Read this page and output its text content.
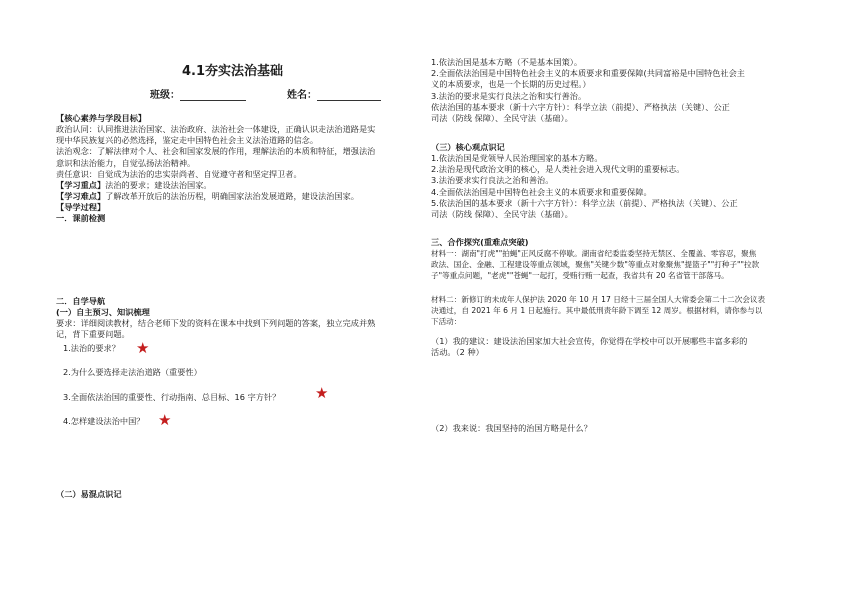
4.1夯实法治基础
班级：	姓名：
【核心素养与学段目标】
政治认同：认同推进法治国家、法治政府、法治社会一体建设，正确认识走法治道路是实
现中华民族复兴的必然选择，鉴定走中国特色社会主义法治道路的信念。
法治观念：了解法律对个人、社会和国家发展的作用，理解法治的本质和特征，增强法治
意识和法治能力，自觉弘扬法治精神。
责任意识：自觉成为法治的忠实崇尚者、自觉遵守者和坚定捍卫者。
【学习重点】法治的要求；建设法治国家。
【学习难点】了解改革开放后的法治历程，明确国家法治发展道路，建设法治国家。
【导学过程】
一．课前检测
二．自学导航
(一）自主预习、知识梳理
要求：详细阅读教材，结合老师下发的资料在课本中找到下列问题的答案，独立完成并熟
记，背下重要问题。
1.法治的要求？ ★
2.为什么要选择走法治道路（重要性）
3.全面依法治国的重要性、行动指南、总目标、16 字方针？ ★
4.怎样建设法治中国？ ★
（二）易混点识记
1.依法治国是基本方略（不是基本国策）。
2.全面依法治国是中国特色社会主义的本质要求和重要保障(共同富裕是中国特色社会主
义的本质要求，也是一个长期的历史过程。）
3.法治的要求是实行良法之治和实行善治。
依法治国的基本要求（新十六字方针）：科学立法（前提）、严格执法（关键）、公正
司法（防线 保障）、全民守法（基础）。
（三）核心观点识记
1.依法治国是党领导人民治理国家的基本方略。
2.法治是现代政治文明的核心，是人类社会进入现代文明的重要标志。
3.法治要求实行良法之治和善治。
4.全面依法治国是中国特色社会主义的本质要求和重要保障。
5.依法治国的基本要求（新十六字方针）：科学立法（前提）、严格执法（关键）、公正
司法（防线 保障）、全民守法（基础）。
三、合作探究(重难点突破)
材料一：湖南"打虎""拍蝇"正风反腐不停歇。湖南省纪委监委坚持无禁区、全覆盖、零容忍，聚焦
政法、国企、金融、工程建设等重点领域，聚焦"关键少数"等重点对象聚焦"提篮子""打种子""拉款
子"等重点问题，"老虎""苍蝇"一起打，受贿行贿一起查，我省共有 20 名省管干部落马。
材料二：新修订的未成年人保护法 2020 年 10 月 17 日经十三届全国人大常委会第二十二次会议表
决通过，自 2021 年 6 月 1 日起施行。其中最低刑责年龄下调至 12 周岁。根据材料，请你参与以
下活动：
（1）我的建议：建设法治国家加大社会宣传，你觉得在学校中可以开展哪些丰富多彩的
活动。（2 种）
（2）我来说：我国坚持的治国方略是什么？
